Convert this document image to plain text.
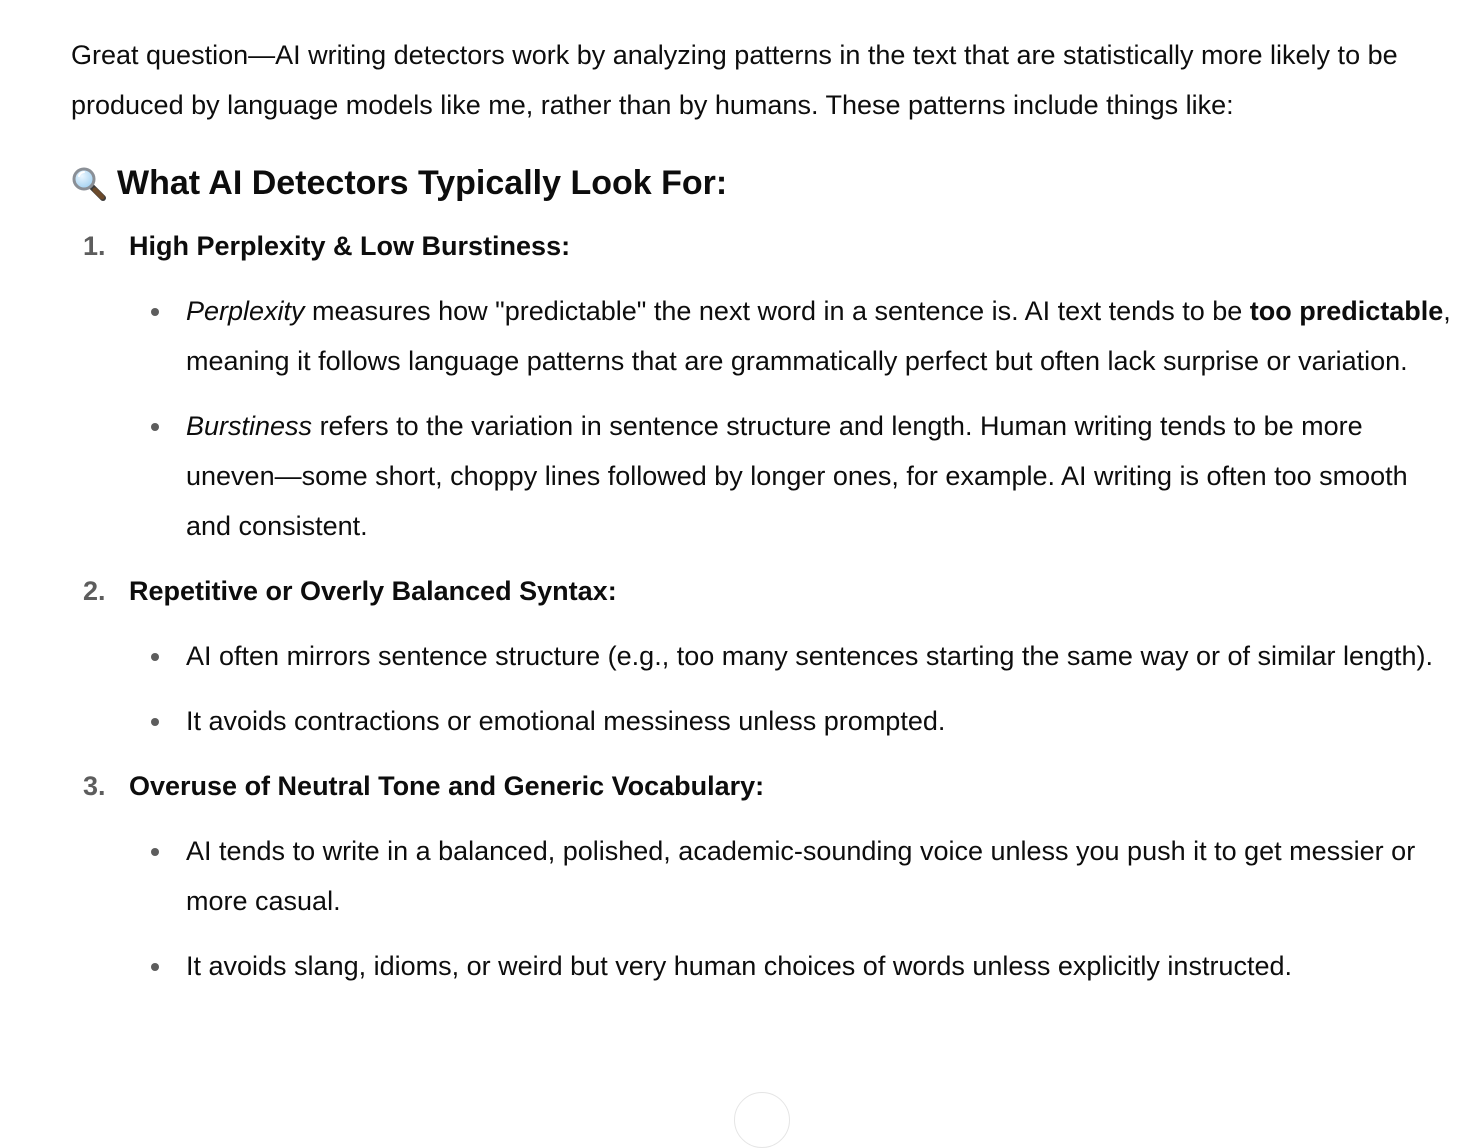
Great question—AI writing detectors work by analyzing patterns in the text that are statistically more likely to be produced by language models like me, rather than by humans. These patterns include things like:

What AI Detectors Typically Look For:
1. High Perplexity & Low Burstiness:
Perplexity measures how "predictable" the next word in a sentence is. AI text tends to be too predictable, meaning it follows language patterns that are grammatically perfect but often lack surprise or variation.
Burstiness refers to the variation in sentence structure and length. Human writing tends to be more uneven—some short, choppy lines followed by longer ones, for example. AI writing is often too smooth and consistent.
2. Repetitive or Overly Balanced Syntax:
AI often mirrors sentence structure (e.g., too many sentences starting the same way or of similar length).
It avoids contractions or emotional messiness unless prompted.
3. Overuse of Neutral Tone and Generic Vocabulary:
AI tends to write in a balanced, polished, academic-sounding voice unless you push it to get messier or more casual.
It avoids slang, idioms, or weird but very human choices of words unless explicitly instructed.
